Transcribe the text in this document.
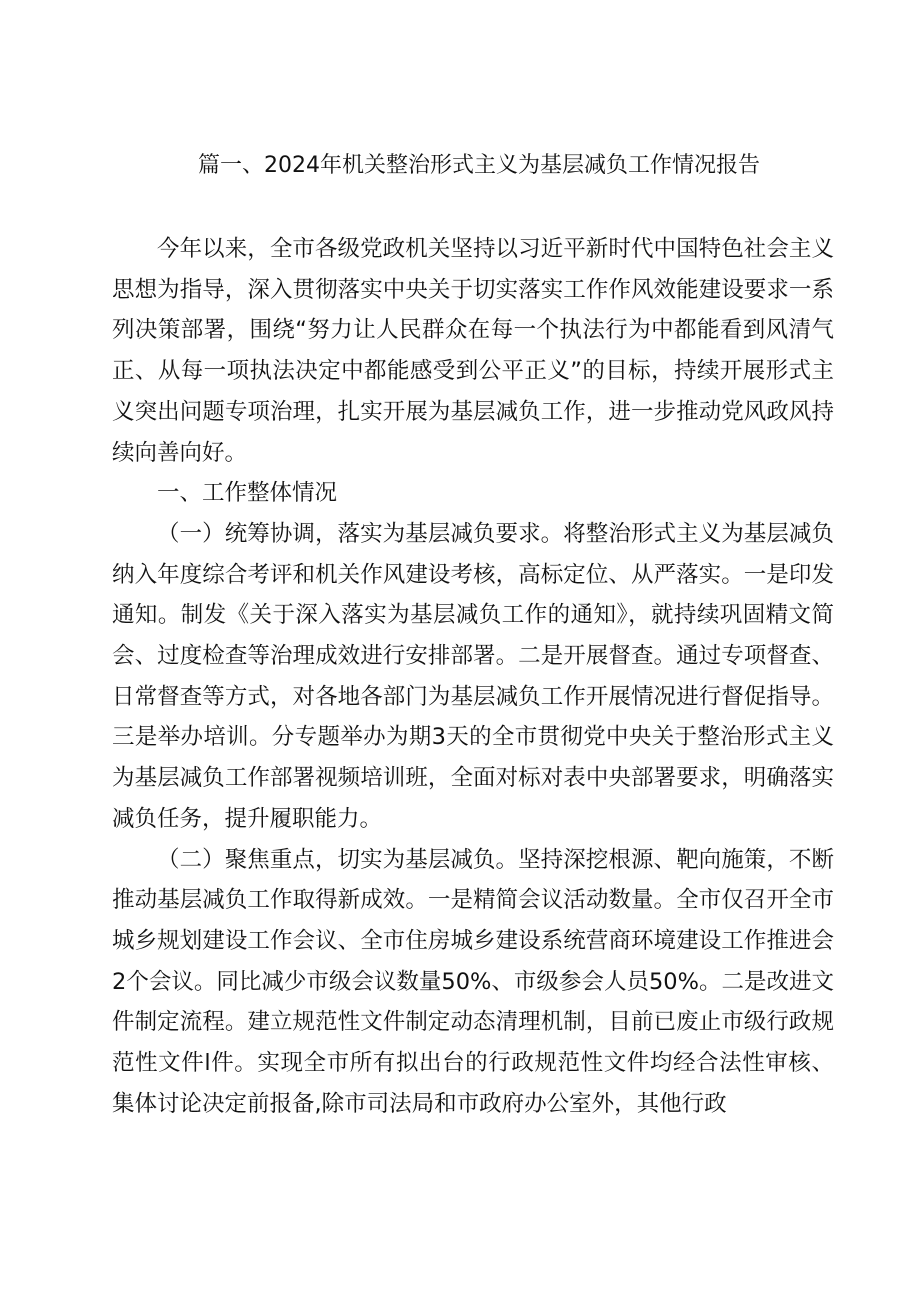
篇一、2024年机关整治形式主义为基层减负工作情况报告

今年以来，全市各级党政机关坚持以习近平新时代中国特色社会主义思想为指导，深入贯彻落实中央关于切实落实工作作风效能建设要求一系列决策部署，围绕“努力让人民群众在每一个执法行为中都能看到风清气正、从每一项执法决定中都能感受到公平正义”的目标，持续开展形式主义突出问题专项治理，扎实开展为基层减负工作，进一步推动党风政风持续向善向好。

一、工作整体情况

（一）统筹协调，落实为基层减负要求。将整治形式主义为基层减负纳入年度综合考评和机关作风建设考核，高标定位、从严落实。一是印发通知。制发《关于深入落实为基层减负工作的通知》，就持续巩固精文简会、过度检查等治理成效进行安排部署。二是开展督查。通过专项督查、日常督查等方式，对各地各部门为基层减负工作开展情况进行督促指导。三是举办培训。分专题举办为期3天的全市贯彻党中央关于整治形式主义为基层减负工作部署视频培训班，全面对标对表中央部署要求，明确落实减负任务，提升履职能力。

（二）聚焦重点，切实为基层减负。坚持深挖根源、靶向施策，不断推动基层减负工作取得新成效。一是精简会议活动数量。全市仅召开全市城乡规划建设工作会议、全市住房城乡建设系统营商环境建设工作推进会2个会议。同比减少市级会议数量50%、市级参会人员50%。二是改进文件制定流程。建立规范性文件制定动态清理机制，目前已废止市级行政规范性文件l件。实现全市所有拟出台的行政规范性文件均经合法性审核、集体讨论决定前报备,除市司法局和市政府办公室外，其他行政
